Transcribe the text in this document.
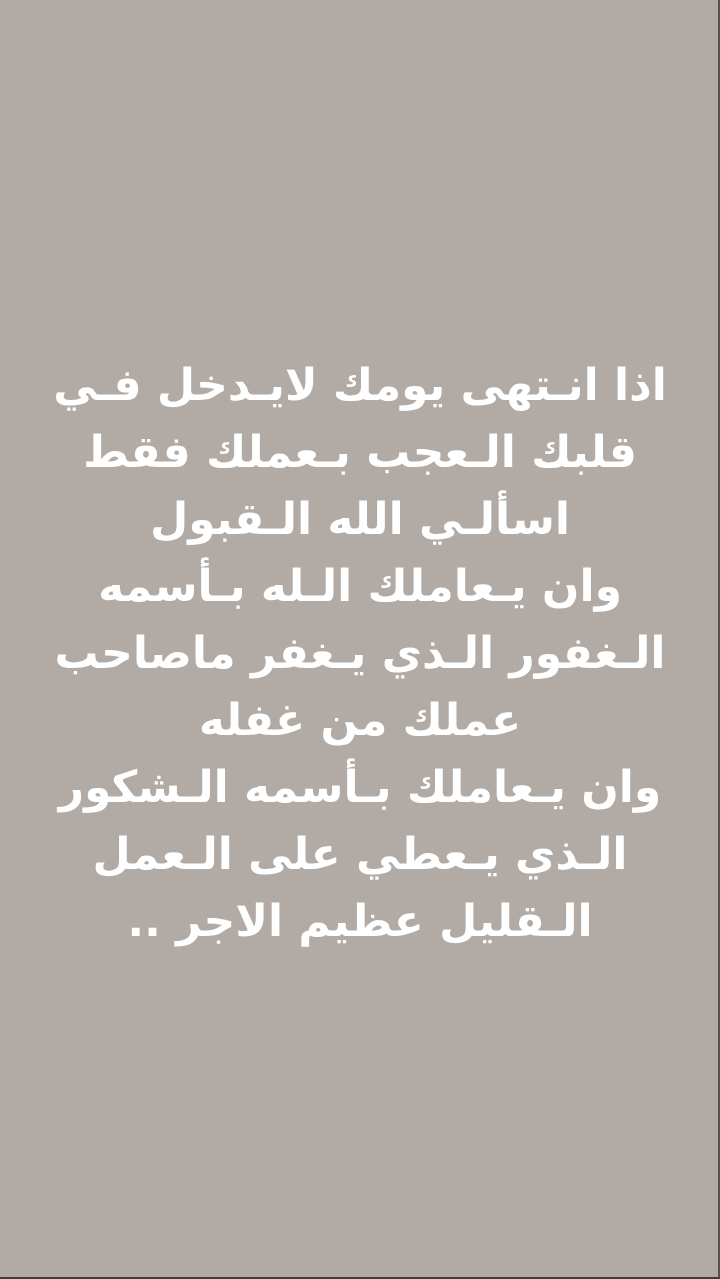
اذا انـتهى يومك لايـدخل فـي
قلبك الـعجب بـعملك فقط
اسألـي الله الـقبول
وان يـعاملك الـله بـأسمه
الـغفور الـذي يـغفر ماصاحب
عملك من غفله
وان يـعاملك بـأسمه الـشكور
الـذي يـعطي على الـعمل
الـقليل عظيم الاجر ..
